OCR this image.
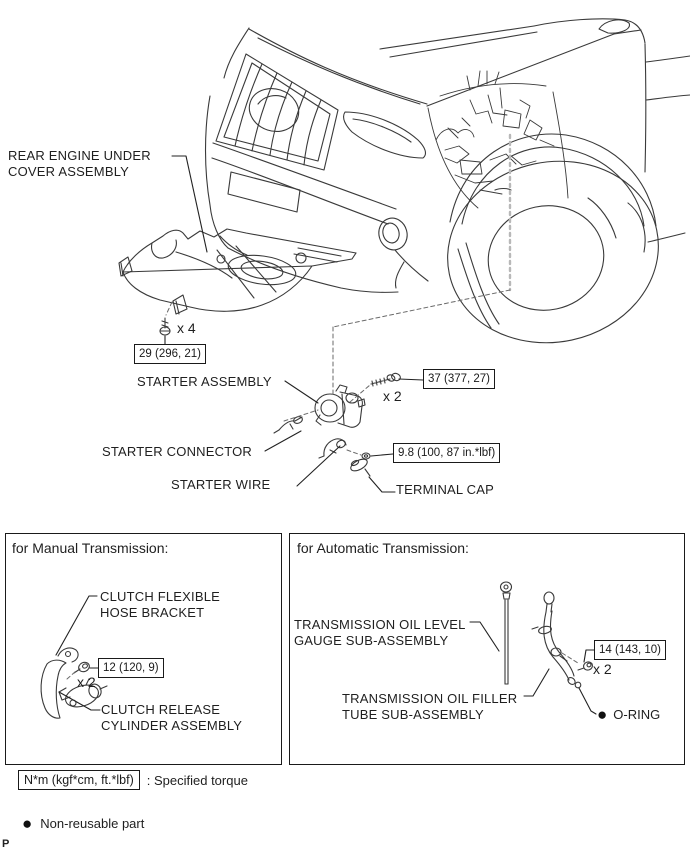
REAR ENGINE UNDER COVER ASSEMBLY
x 4
29 (296, 21)
STARTER ASSEMBLY	37 (377, 27)
x 2
STARTER CONNECTOR
STARTER WIRE
9.8 (100, 87 in.*lbf)
TERMINAL CAP
for Manual Transmission:
CLUTCH FLEXIBLE HOSE BRACKET
12 (120, 9)
x 2
CLUTCH RELEASE CYLINDER ASSEMBLY
for Automatic Transmission:
TRANSMISSION OIL LEVEL GAUGE SUB-ASSEMBLY
14 (143, 10)
x 2
TRANSMISSION OIL FILLER TUBE SUB-ASSEMBLY	● O-RING
N*m (kgf*cm, ft.*lbf)	: Specified torque
● Non-reusable part
P
